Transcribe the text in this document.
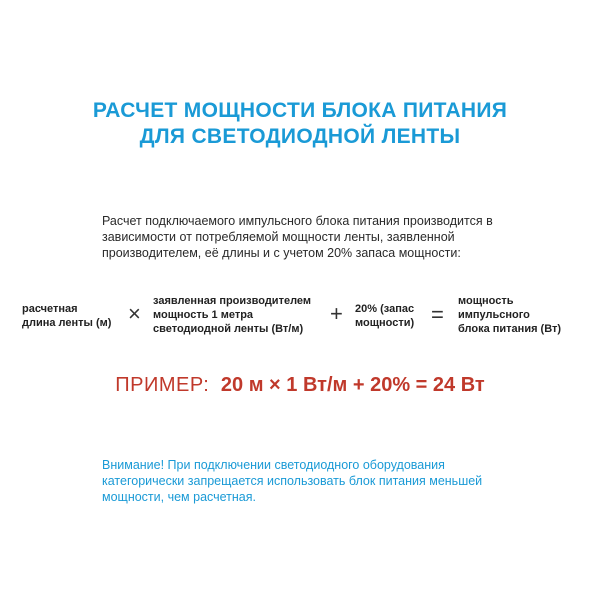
РАСЧЕТ МОЩНОСТИ БЛОКА ПИТАНИЯ
ДЛЯ СВЕТОДИОДНОЙ ЛЕНТЫ
Расчет подключаемого импульсного блока питания производится в зависимости от потребляемой мощности ленты, заявленной производителем, её длины и с учетом 20% запаса мощности:
расчетная
длина ленты (м) × заявленная производителем
мощность 1 метра
светодиодной ленты (Вт/м)
+ 20% (запас
мощности) =
мощность
импульсного
блока питания (Вт)
ПРИМЕР: 20 м × 1 Вт/м + 20% = 24 Вт
Внимание! При подключении светодиодного оборудования категорически запрещается использовать блок питания меньшей мощности, чем расчетная.
